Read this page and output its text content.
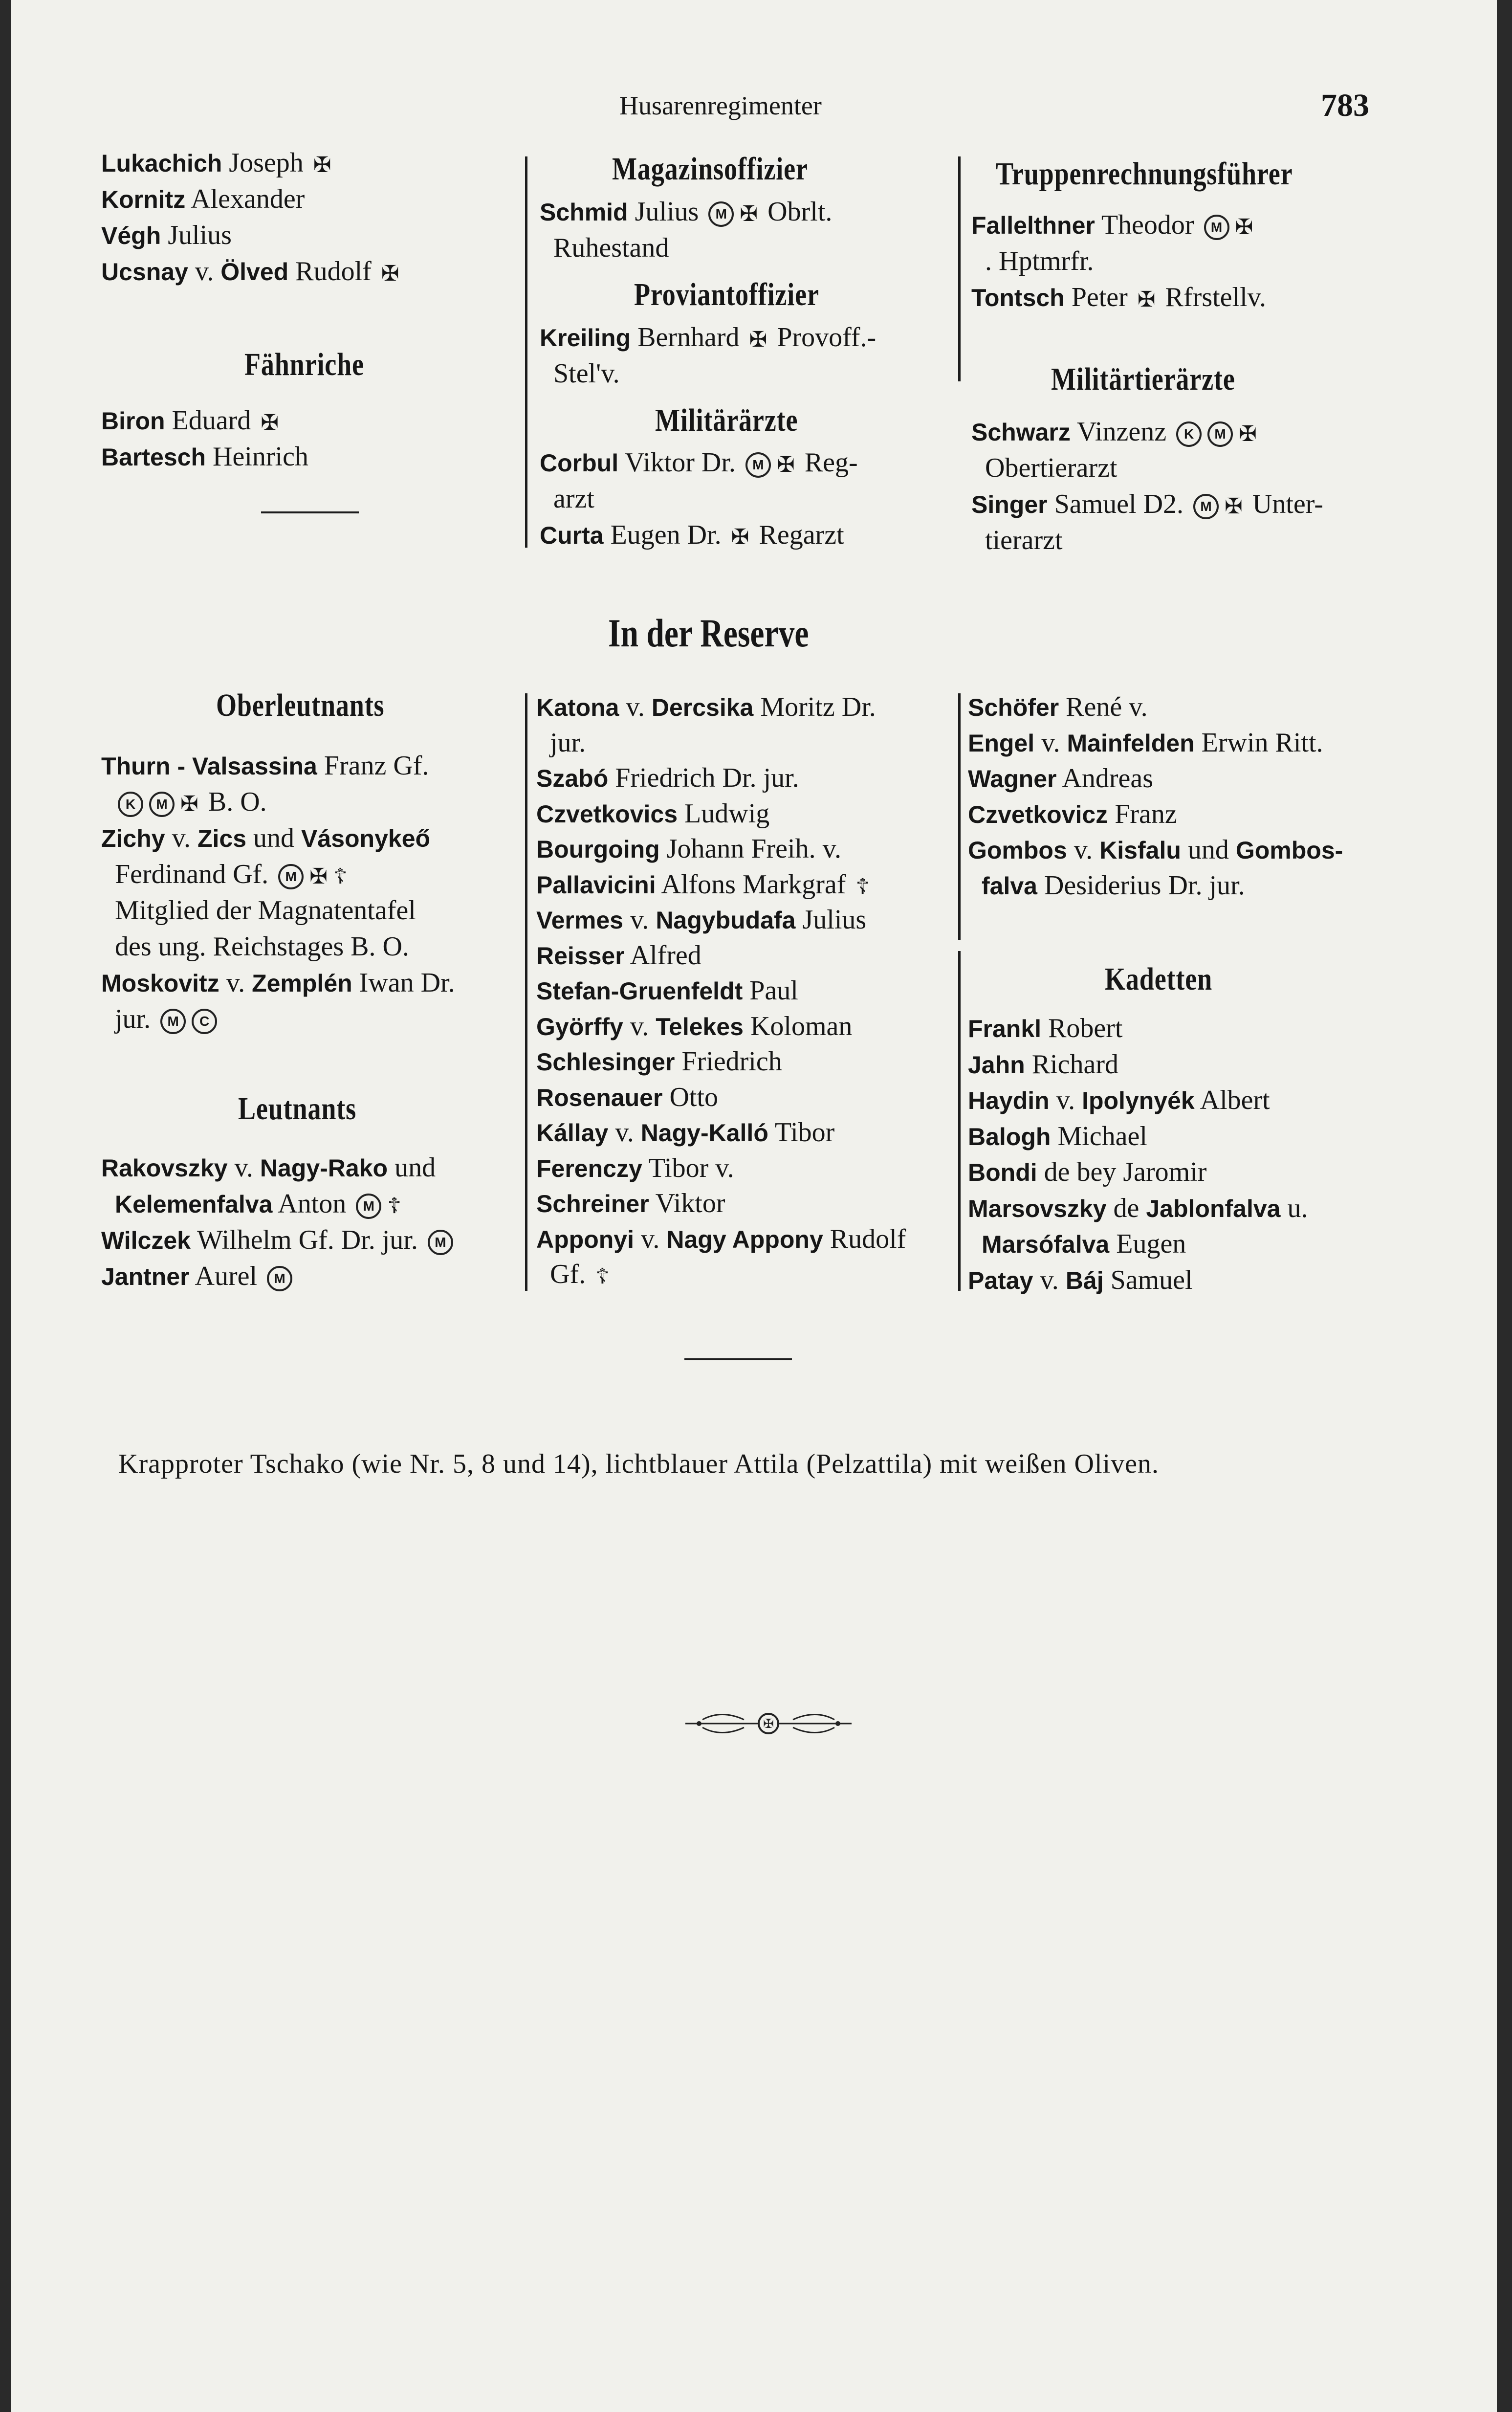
Husarenregimenter	783
Lukachich Joseph ✠
Kornitz Alexander
Végh Julius
Ucsnay v. Ölved Rudolf ✠
Fähnriche
Biron Eduard ✠
Bartesch Heinrich
Magazinsoffizier
Schmid Julius M ✠ Obrlt.
Ruhestand
Proviantoffizier
Kreiling Bernhard ✠ Provoff.-
Stel'v.
Militärärzte
Corbul Viktor Dr. M ✠ Reg-
arzt
Curta Eugen Dr. ✠ Regarzt
Truppenrechnungsführer
Fallelthner Theodor M ✠
. Hptmrfr.
Tontsch Peter ✠ Rfrstellv.
Militärtierärzte
Schwarz Vinzenz K M ✠
Obertierarzt
Singer Samuel D2. M ✠ Unter-
tierarzt
In der Reserve
Oberleutnants
Thurn - Valsassina Franz Gf.
K M ✠ B. O.
Zichy v. Zics und Vásonykeő
Ferdinand Gf. M ✠ ☦
Mitglied der Magnatentafel
des ung. Reichstages B. O.
Moskovitz v. Zemplén Iwan Dr.
jur. M C
Leutnants
Rakovszky v. Nagy-Rako und
Kelemenfalva Anton M ☦
Wilczek Wilhelm Gf. Dr. jur. M
Jantner Aurel M
Katona v. Dercsika Moritz Dr.
jur.
Szabó Friedrich Dr. jur.
Czvetkovics Ludwig
Bourgoing Johann Freih. v.
Pallavicini Alfons Markgraf ☦
Vermes v. Nagybudafa Julius
Reisser Alfred
Stefan-Gruenfeldt Paul
Györffy v. Telekes Koloman
Schlesinger Friedrich
Rosenauer Otto
Kállay v. Nagy-Kalló Tibor
Ferenczy Tibor v.
Schreiner Viktor
Apponyi v. Nagy Appony Rudolf
Gf. ☦
Schöfer René v.
Engel v. Mainfelden Erwin Ritt.
Wagner Andreas
Czvetkovicz Franz
Gombos v. Kisfalu und Gombos-
falva Desiderius Dr. jur.
Kadetten
Frankl Robert
Jahn Richard
Haydin v. Ipolynyék Albert
Balogh Michael
Bondi de bey Jaromir
Marsovszky de Jablonfalva u.
Marsófalva Eugen
Patay v. Báj Samuel
Krapproter Tschako (wie Nr. 5, 8 und 14), lichtblauer Attila (Pelzattila) mit weißen Oliven.
✠
